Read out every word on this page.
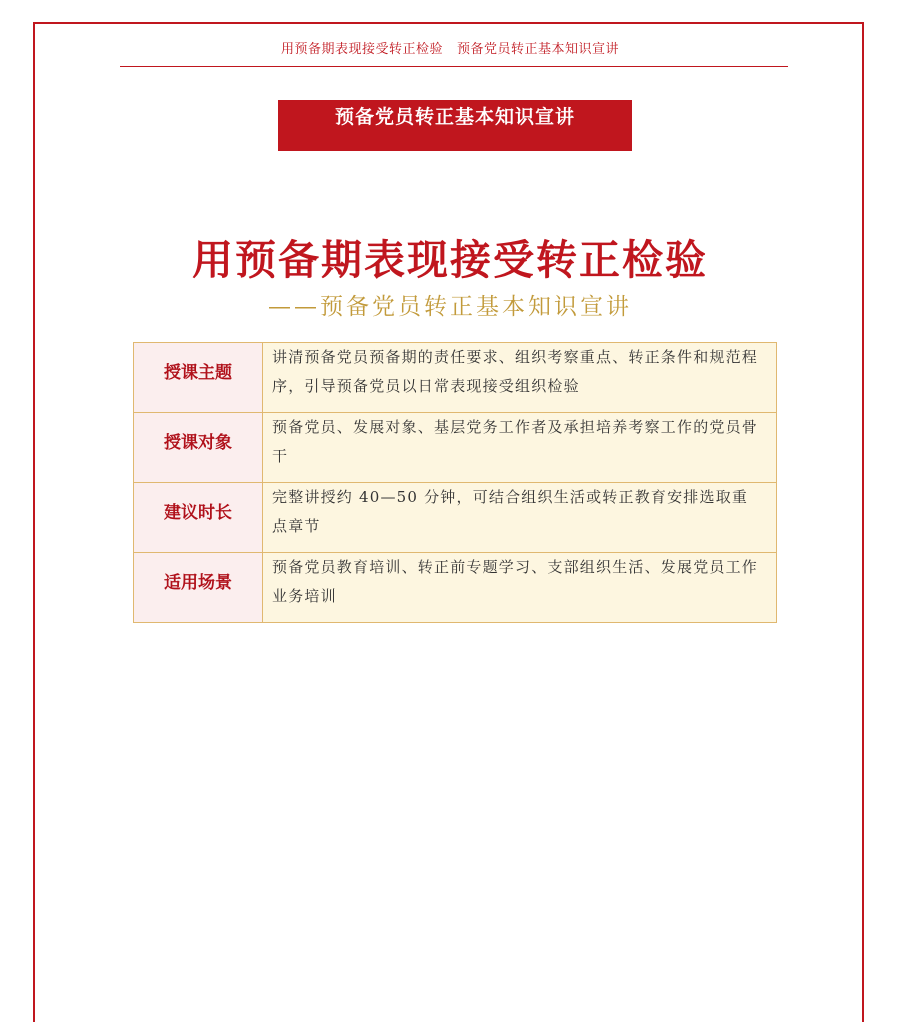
用预备期表现接受转正检验 预备党员转正基本知识宣讲
预备党员转正基本知识宣讲
用预备期表现接受转正检验
——预备党员转正基本知识宣讲
授课主题	讲清预备党员预备期的责任要求、组织考察重点、转正条件和规范程序，引导预备党员以日常表现接受组织检验
授课对象	预备党员、发展对象、基层党务工作者及承担培养考察工作的党员骨干
建议时长	完整讲授约 40—50 分钟，可结合组织生活或转正教育安排选取重点章节
适用场景	预备党员教育培训、转正前专题学习、支部组织生活、发展党员工作业务培训
